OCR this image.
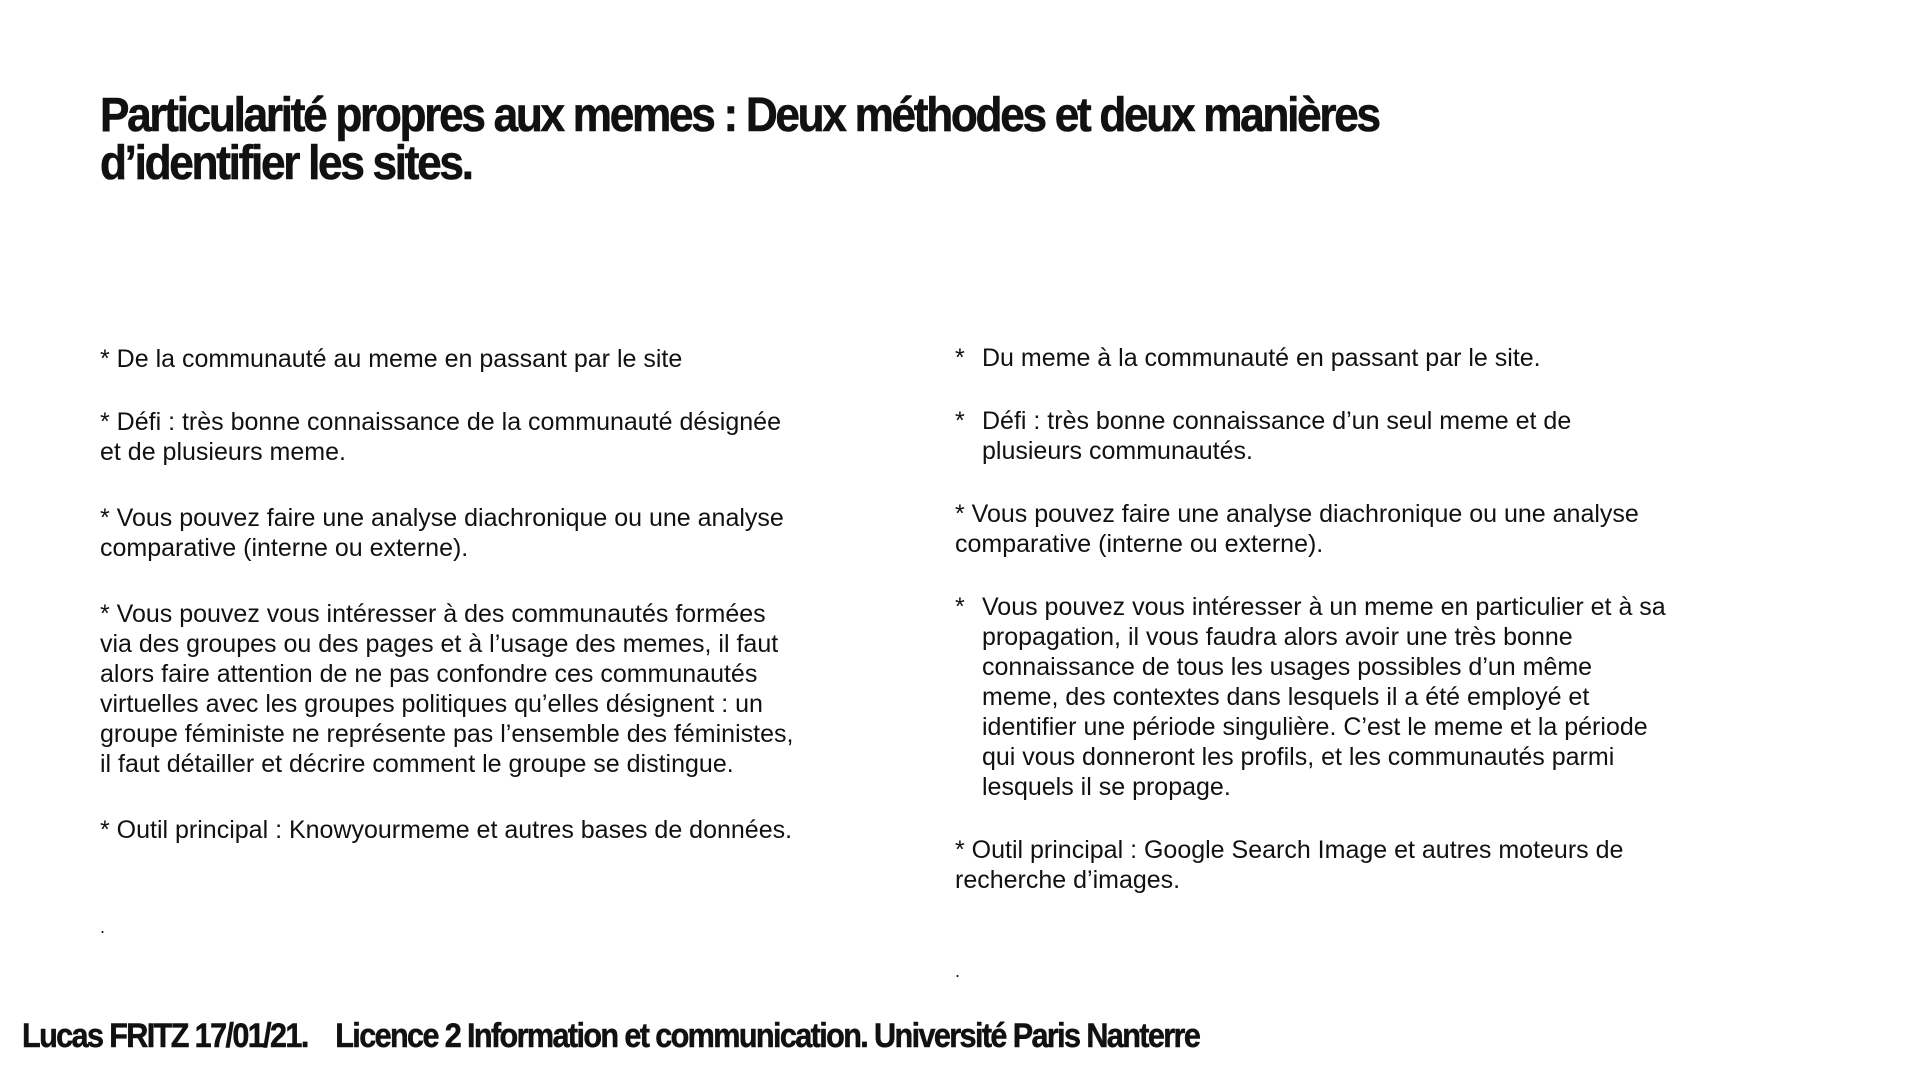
Particularité propres aux memes : Deux méthodes et deux manières
d’identifier les sites.

* De la communauté au meme en passant par le site

* Défi : très bonne connaissance de la communauté désignée
et de plusieurs meme.

* Vous pouvez faire une analyse diachronique ou une analyse
comparative (interne ou externe).

* Vous pouvez vous intéresser à des communautés formées
via des groupes ou des pages et à l’usage des memes, il faut
alors faire attention de ne pas confondre ces communautés
virtuelles avec les groupes politiques qu’elles désignent : un
groupe féministe ne représente pas l’ensemble des féministes,
il faut détailler et décrire comment le groupe se distingue.

* Outil principal : Knowyourmeme et autres bases de données.

.
* Du meme à la communauté en passant par le site.
* Défi : très bonne connaissance d’un seul meme et de
plusieurs communautés.

* Vous pouvez faire une analyse diachronique ou une analyse
comparative (interne ou externe).

* Vous pouvez vous intéresser à un meme en particulier et à sa
propagation, il vous faudra alors avoir une très bonne
connaissance de tous les usages possibles d’un même
meme, des contextes dans lesquels il a été employé et
identifier une période singulière. C’est le meme et la période
qui vous donneront les profils, et les communautés parmi
lesquels il se propage.

* Outil principal : Google Search Image et autres moteurs de
recherche d’images.

.

Lucas FRITZ 17/01/21.    Licence 2 Information et communication. Université Paris Nanterre
